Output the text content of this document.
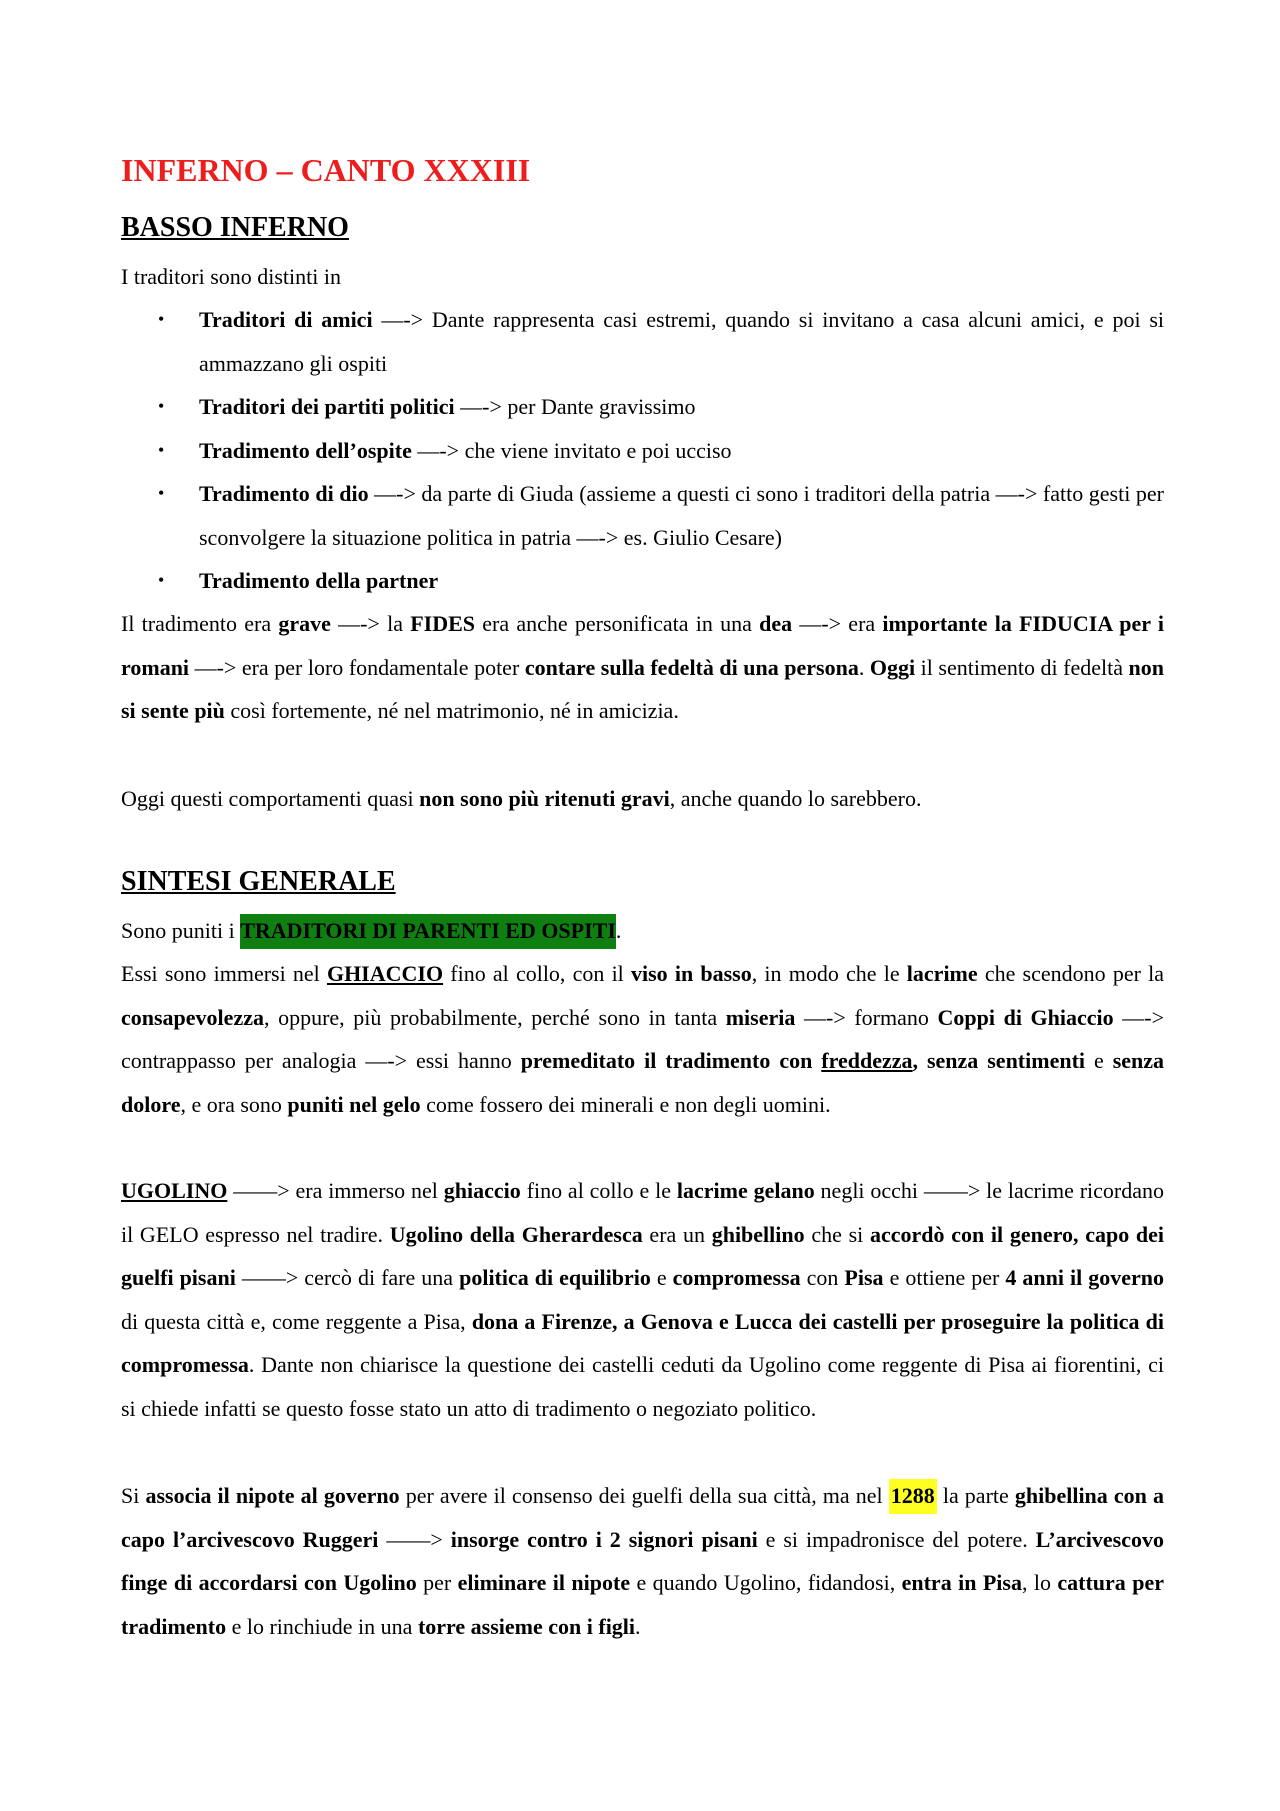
INFERNO – CANTO XXXIII
BASSO INFERNO

I traditori sono distinti in

• Traditori di amici —-> Dante rappresenta casi estremi, quando si invitano a casa alcuni amici, e poi si ammazzano gli ospiti
• Traditori dei partiti politici —-> per Dante gravissimo
• Tradimento dell’ospite —-> che viene invitato e poi ucciso
• Tradimento di dio —-> da parte di Giuda (assieme a questi ci sono i traditori della patria —-> fatto gesti per sconvolgere la situazione politica in patria —-> es. Giulio Cesare)
• Tradimento della partner

Il tradimento era grave —-> la FIDES era anche personificata in una dea —-> era importante la FIDUCIA per i romani —-> era per loro fondamentale poter contare sulla fedeltà di una persona. Oggi il sentimento di fedeltà non si sente più così fortemente, né nel matrimonio, né in amicizia.

Oggi questi comportamenti quasi non sono più ritenuti gravi, anche quando lo sarebbero.

SINTESI GENERALE

Sono puniti i TRADITORI DI PARENTI ED OSPITI.

Essi sono immersi nel GHIACCIO fino al collo, con il viso in basso, in modo che le lacrime che scendono per la consapevolezza, oppure, più probabilmente, perché sono in tanta miseria —-> formano Coppi di Ghiaccio —-> contrappasso per analogia —-> essi hanno premeditato il tradimento con freddezza, senza sentimenti e senza dolore, e ora sono puniti nel gelo come fossero dei minerali e non degli uomini.

UGOLINO ——> era immerso nel ghiaccio fino al collo e le lacrime gelano negli occhi ——> le lacrime ricordano il GELO espresso nel tradire. Ugolino della Gherardesca era un ghibellino che si accordò con il genero, capo dei guelfi pisani ——> cercò di fare una politica di equilibrio e compromessa con Pisa e ottiene per 4 anni il governo di questa città e, come reggente a Pisa, dona a Firenze, a Genova e Lucca dei castelli per proseguire la politica di compromessa. Dante non chiarisce la questione dei castelli ceduti da Ugolino come reggente di Pisa ai fiorentini, ci si chiede infatti se questo fosse stato un atto di tradimento o negoziato politico.

Si associa il nipote al governo per avere il consenso dei guelfi della sua città, ma nel 1288 la parte ghibellina con a capo l’arcivescovo Ruggeri ——> insorge contro i 2 signori pisani e si impadronisce del potere. L’arcivescovo finge di accordarsi con Ugolino per eliminare il nipote e quando Ugolino, fidandosi, entra in Pisa, lo cattura per tradimento e lo rinchiude in una torre assieme con i figli.
